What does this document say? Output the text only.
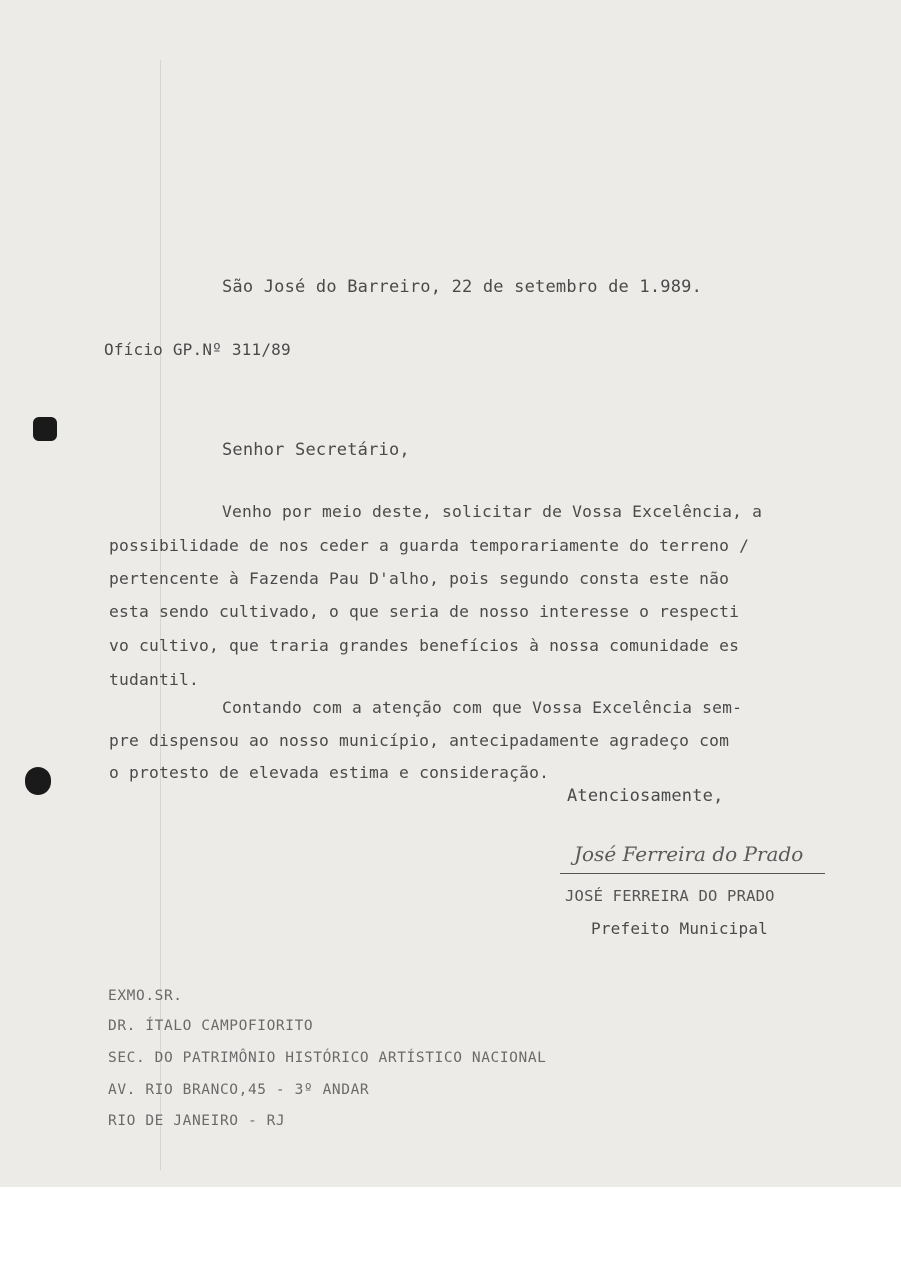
São José do Barreiro, 22 de setembro de 1.989.
Ofício GP.Nº 311/89
Senhor Secretário,
Venho por meio deste, solicitar de Vossa Excelência, a
possibilidade de nos ceder a guarda temporariamente do terreno /
pertencente à Fazenda Pau D'alho, pois segundo consta este não
esta sendo cultivado, o que seria de nosso interesse o respecti
vo cultivo, que traria grandes benefícios à nossa comunidade es
tudantil.
Contando com a atenção com que Vossa Excelência sem-
pre dispensou ao nosso município, antecipadamente agradeço com
o protesto de elevada estima e consideração.
Atenciosamente,
José Ferreira do Prado
JOSÉ FERREIRA DO PRADO
Prefeito Municipal
EXMO.SR.
DR. ÍTALO CAMPOFIORITO
SEC. DO PATRIMÔNIO HISTÓRICO ARTÍSTICO NACIONAL
AV. RIO BRANCO,45 - 3º ANDAR
RIO DE JANEIRO - RJ
